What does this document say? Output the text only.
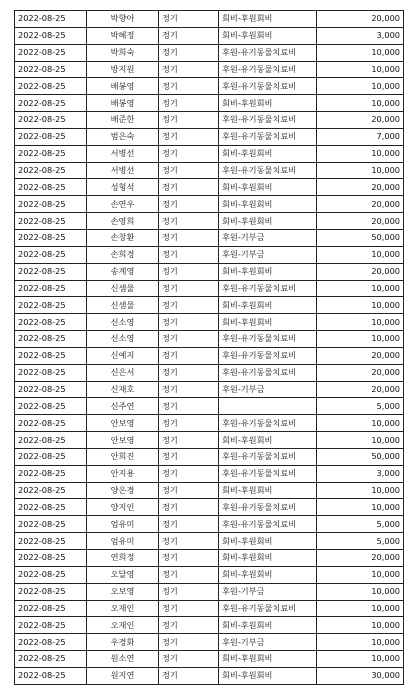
2022-08-25	박향아	정기	회비-후원회비	20,000
2022-08-25	박혜정	정기	회비-후원회비	3,000
2022-08-25	박희숙	정기	후원-유기동물치료비	10,000
2022-08-25	방지원	정기	후원-유기동물치료비	10,000
2022-08-25	배봉영	정기	후원-유기동물치료비	10,000
2022-08-25	배봉영	정기	회비-후원회비	10,000
2022-08-25	배준한	정기	후원-유기동물치료비	20,000
2022-08-25	범은숙	정기	후원-유기동물치료비	7,000
2022-08-25	서병선	정기	회비-후원회비	10,000
2022-08-25	서병선	정기	후원-유기동물치료비	10,000
2022-08-25	성형석	정기	회비-후원회비	20,000
2022-08-25	손연우	정기	회비-후원회비	20,000
2022-08-25	손영희	정기	회비-후원회비	20,000
2022-08-25	손창환	정기	후원-기부금	50,000
2022-08-25	손희경	정기	후원-기부금	10,000
2022-08-25	송계영	정기	회비-후원회비	20,000
2022-08-25	신샘물	정기	후원-유기동물치료비	10,000
2022-08-25	신샘물	정기	회비-후원회비	10,000
2022-08-25	신소영	정기	회비-후원회비	10,000
2022-08-25	신소영	정기	후원-유기동물치료비	10,000
2022-08-25	신예지	정기	후원-유기동물치료비	20,000
2022-08-25	신은서	정기	후원-유기동물치료비	20,000
2022-08-25	신재호	정기	후원-기부금	20,000
2022-08-25	신주연	정기		5,000
2022-08-25	안보영	정기	후원-유기동물치료비	10,000
2022-08-25	안보영	정기	회비-후원회비	10,000
2022-08-25	안희진	정기	후원-유기동물치료비	50,000
2022-08-25	안지용	정기	후원-유기동물치료비	3,000
2022-08-25	양은경	정기	회비-후원회비	10,000
2022-08-25	양지인	정기	후원-유기동물치료비	10,000
2022-08-25	엄유미	정기	후원-유기동물치료비	5,000
2022-08-25	엄유미	정기	회비-후원회비	5,000
2022-08-25	연희정	정기	회비-후원회비	20,000
2022-08-25	오달영	정기	회비-후원회비	10,000
2022-08-25	오보영	정기	후원-기부금	10,000
2022-08-25	오재인	정기	후원-유기동물치료비	10,000
2022-08-25	오재인	정기	회비-후원회비	10,000
2022-08-25	우경화	정기	후원-기부금	10,000
2022-08-25	원소연	정기	회비-후원회비	10,000
2022-08-25	원지연	정기	회비-후원회비	30,000
